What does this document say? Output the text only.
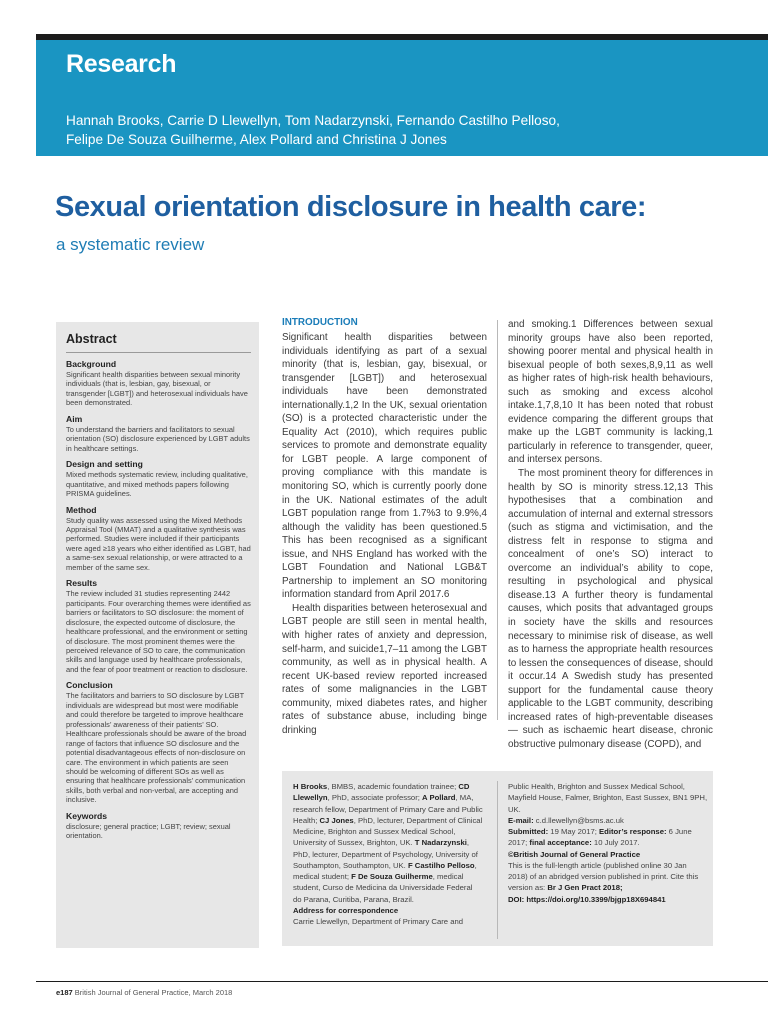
Research
Hannah Brooks, Carrie D Llewellyn, Tom Nadarzynski, Fernando Castilho Pelloso,
Felipe De Souza Guilherme, Alex Pollard and Christina J Jones
Sexual orientation disclosure in health care:
a systematic review
Abstract
Background

Significant health disparities between sexual minority individuals (that is, lesbian, gay, bisexual, or transgender [LGBT]) and heterosexual individuals have been demonstrated.

Aim

To understand the barriers and facilitators to sexual orientation (SO) disclosure experienced by LGBT adults in healthcare settings.

Design and setting

Mixed methods systematic review, including qualitative, quantitative, and mixed methods papers following PRISMA guidelines.

Method

Study quality was assessed using the Mixed Methods Appraisal Tool (MMAT) and a qualitative synthesis was performed. Studies were included if their participants were aged ≥18 years who either identified as LGBT, had a same-sex sexual relationship, or were attracted to a member of the same sex.

Results

The review included 31 studies representing 2442 participants. Four overarching themes were identified as barriers or facilitators to SO disclosure: the moment of disclosure, the expected outcome of disclosure, the healthcare professional, and the environment or setting of disclosure. The most prominent themes were the perceived relevance of SO to care, the communication skills and language used by healthcare professionals, and the fear of poor treatment or reaction to disclosure.

Conclusion

The facilitators and barriers to SO disclosure by LGBT individuals are widespread but most were modifiable and could therefore be targeted to improve healthcare professionals’ awareness of their patients’ SO. Healthcare professionals should be aware of the broad range of factors that influence SO disclosure and the potential disadvantageous effects of non-disclosure on care. The environment in which patients are seen should be welcoming of different SOs as well as ensuring that healthcare professionals’ communication skills, both verbal and non-verbal, are accepting and inclusive.

Keywords

disclosure; general practice; LGBT; review; sexual orientation.

INTRODUCTION

Significant health disparities between individuals identifying as part of a sexual minority (that is, lesbian, gay, bisexual, or transgender [LGBT]) and heterosexual individuals have been demonstrated internationally.1,2 In the UK, sexual orientation (SO) is a protected characteristic under the Equality Act (2010), which requires public services to promote and demonstrate equality for LGBT people. A large component of proving compliance with this mandate is monitoring SO, which is currently poorly done in the UK. National estimates of the adult LGBT population range from 1.7%3 to 9.9%,4 although the validity has been questioned.5 This has been recognised as a significant issue, and NHS England has worked with the LGBT Foundation and National LGB&T Partnership to implement an SO monitoring information standard from April 2017.6

Health disparities between heterosexual and LGBT people are still seen in mental health, with higher rates of anxiety and depression, self-harm, and suicide1,7–11 among the LGBT community, as well as in physical health. A recent UK-based review reported increased rates of some malignancies in the LGBT community, mixed diabetes rates, and higher rates of substance abuse, including binge drinking

and smoking.1 Differences between sexual minority groups have also been reported, showing poorer mental and physical health in bisexual people of both sexes,8,9,11 as well as higher rates of high-risk health behaviours, such as smoking and excess alcohol intake.1,7,8,10 It has been noted that robust evidence comparing the different groups that make up the LGBT community is lacking,1 particularly in reference to transgender, queer, and intersex persons.

The most prominent theory for differences in health by SO is minority stress.12,13 This hypothesises that a combination and accumulation of internal and external stressors (such as stigma and victimisation, and the distress felt in response to stigma and concealment of one’s SO) interact to overcome an individual’s ability to cope, resulting in psychological and physical disease.13 A further theory is fundamental causes, which posits that advantaged groups in society have the skills and resources necessary to minimise risk of disease, as well as to harness the appropriate health resources to lessen the consequences of disease, should it occur.14 A Swedish study has presented support for the fundamental cause theory applicable to the LGBT community, describing increased rates of high-preventable diseases — such as ischaemic heart disease, chronic obstructive pulmonary disease (COPD), and

H Brooks, BMBS, academic foundation trainee; CD Llewellyn, PhD, associate professor; A Pollard, MA, research fellow, Department of Primary Care and Public Health; CJ Jones, PhD, lecturer, Department of Clinical Medicine, Brighton and Sussex Medical School, University of Sussex, Brighton, UK. T Nadarzynski, PhD, lecturer, Department of Psychology, University of Southampton, Southampton, UK. F Castilho Pelloso, medical student; F De Souza Guilherme, medical student, Curso de Medicina da Universidade Federal do Parana, Curitiba, Parana, Brazil.
Address for correspondence
Carrie Llewellyn, Department of Primary Care and
Public Health, Brighton and Sussex Medical School, Mayfield House, Falmer, Brighton, East Sussex, BN1 9PH, UK.
E-mail: c.d.llewellyn@bsms.ac.uk
Submitted: 19 May 2017; Editor’s response: 6 June 2017; final acceptance: 10 July 2017.
©British Journal of General Practice
This is the full-length article (published online 30 Jan 2018) of an abridged version published in print. Cite this version as: Br J Gen Pract 2018;
DOI: https://doi.org/10.3399/bjgp18X694841
e187 British Journal of General Practice, March 2018
